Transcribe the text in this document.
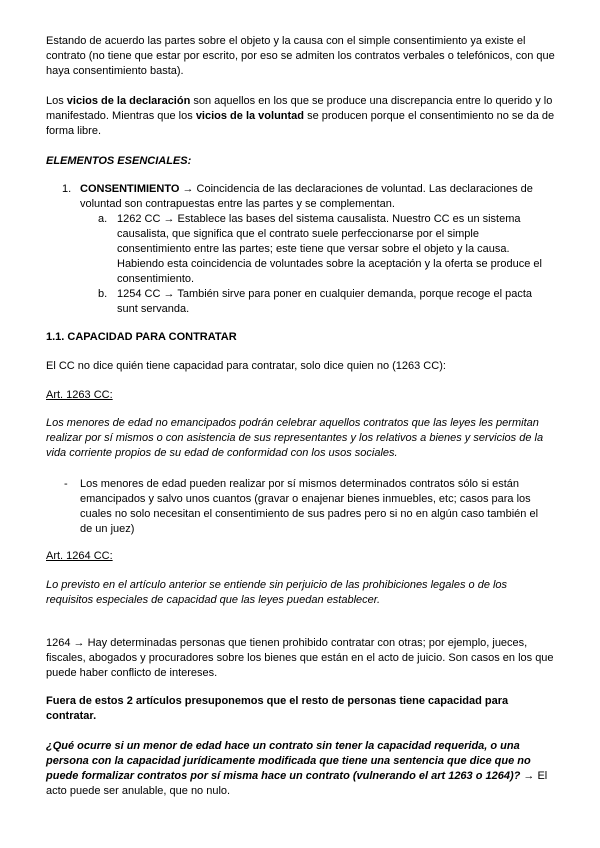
Estando de acuerdo las partes sobre el objeto y la causa con el simple consentimiento ya existe el contrato (no tiene que estar por escrito, por eso se admiten los contratos verbales o telefónicos, con que haya consentimiento basta).

Los vicios de la declaración son aquellos en los que se produce una discrepancia entre lo querido y lo manifestado. Mientras que los vicios de la voluntad se producen porque el consentimiento no se da de forma libre.

ELEMENTOS ESENCIALES:

1. CONSENTIMIENTO → Coincidencia de las declaraciones de voluntad. Las declaraciones de voluntad son contrapuestas entre las partes y se complementan.

a. 1262 CC → Establece las bases del sistema causalista. Nuestro CC es un sistema causalista, que significa que el contrato suele perfeccionarse por el simple consentimiento entre las partes; este tiene que versar sobre el objeto y la causa. Habiendo esta coincidencia de voluntades sobre la aceptación y la oferta se produce el consentimiento.

b. 1254 CC → También sirve para poner en cualquier demanda, porque recoge el pacta sunt servanda.

1.1. CAPACIDAD PARA CONTRATAR

El CC no dice quién tiene capacidad para contratar, solo dice quien no (1263 CC):

Art. 1263 CC:

Los menores de edad no emancipados podrán celebrar aquellos contratos que las leyes les permitan realizar por sí mismos o con asistencia de sus representantes y los relativos a bienes y servicios de la vida corriente propios de su edad de conformidad con los usos sociales.

- Los menores de edad pueden realizar por sí mismos determinados contratos sólo si están emancipados y salvo unos cuantos (gravar o enajenar bienes inmuebles, etc; casos para los cuales no solo necesitan el consentimiento de sus padres pero si no en algún caso también el de un juez)

Art. 1264 CC:

Lo previsto en el artículo anterior se entiende sin perjuicio de las prohibiciones legales o de los requisitos especiales de capacidad que las leyes puedan establecer.

1264 → Hay determinadas personas que tienen prohibido contratar con otras; por ejemplo, jueces, fiscales, abogados y procuradores sobre los bienes que están en el acto de juicio. Son casos en los que puede haber conflicto de intereses.

Fuera de estos 2 artículos presuponemos que el resto de personas tiene capacidad para contratar.

¿Qué ocurre si un menor de edad hace un contrato sin tener la capacidad requerida, o una persona con la capacidad jurídicamente modificada que tiene una sentencia que dice que no puede formalizar contratos por sí misma hace un contrato (vulnerando el art 1263 o 1264)? → El acto puede ser anulable, que no nulo.
